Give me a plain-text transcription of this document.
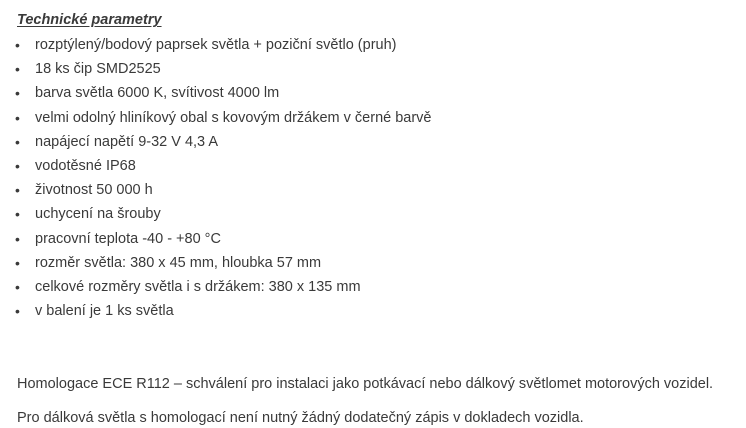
Technické parametry
• rozptýlený/bodový paprsek světla + poziční světlo (pruh)
• 18 ks čip SMD2525
• barva světla 6000 K, svítivost 4000 lm
• velmi odolný hliníkový obal s kovovým držákem v černé barvě
• napájecí napětí 9-32 V 4,3 A
• vodotěsné IP68
• životnost 50 000 h
• uchycení na šrouby
• pracovní teplota -40 - +80 °C
• rozměr světla: 380 x 45 mm, hloubka 57 mm
• celkové rozměry světla i s držákem: 380 x 135 mm
• v balení je 1 ks světla

Homologace ECE R112 – schválení pro instalaci jako potkávací nebo dálkový světlomet motorových vozidel.

Pro dálková světla s homologací není nutný žádný dodatečný zápis v dokladech vozidla.
